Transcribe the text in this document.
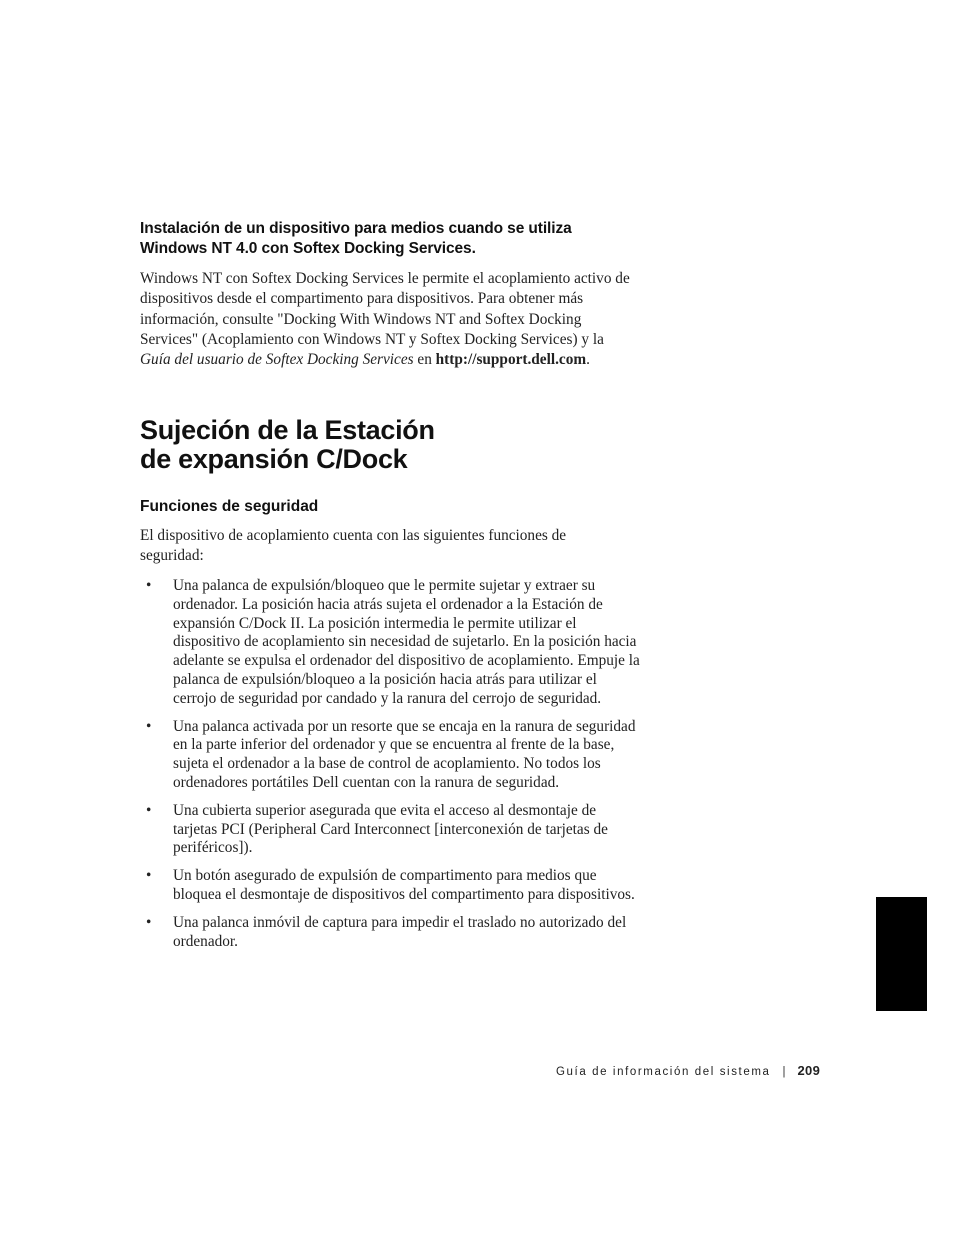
Instalación de un dispositivo para medios cuando se utiliza
Windows NT 4.0 con Softex Docking Services.

Windows NT con Softex Docking Services le permite el acoplamiento activo de dispositivos desde el compartimento para dispositivos. Para obtener más información, consulte "Docking With Windows NT and Softex Docking Services" (Acoplamiento con Windows NT y Softex Docking Services) y la Guía del usuario de Softex Docking Services en http://support.dell.com.

Sujeción de la Estación
de expansión C/Dock
Funciones de seguridad

El dispositivo de acoplamiento cuenta con las siguientes funciones de seguridad:

• Una palanca de expulsión/bloqueo que le permite sujetar y extraer su ordenador. La posición hacia atrás sujeta el ordenador a la Estación de expansión C/Dock II. La posición intermedia le permite utilizar el dispositivo de acoplamiento sin necesidad de sujetarlo. En la posición hacia adelante se expulsa el ordenador del dispositivo de acoplamiento. Empuje la palanca de expulsión/bloqueo a la posición hacia atrás para utilizar el cerrojo de seguridad por candado y la ranura del cerrojo de seguridad.
• Una palanca activada por un resorte que se encaja en la ranura de seguridad en la parte inferior del ordenador y que se encuentra al frente de la base, sujeta el ordenador a la base de control de acoplamiento. No todos los ordenadores portátiles Dell cuentan con la ranura de seguridad.
• Una cubierta superior asegurada que evita el acceso al desmontaje de tarjetas PCI (Peripheral Card Interconnect [interconexión de tarjetas de periféricos]).
• Un botón asegurado de expulsión de compartimento para medios que bloquea el desmontaje de dispositivos del compartimento para dispositivos.
• Una palanca inmóvil de captura para impedir el traslado no autorizado del ordenador.
Guía de información del sistema | 209
